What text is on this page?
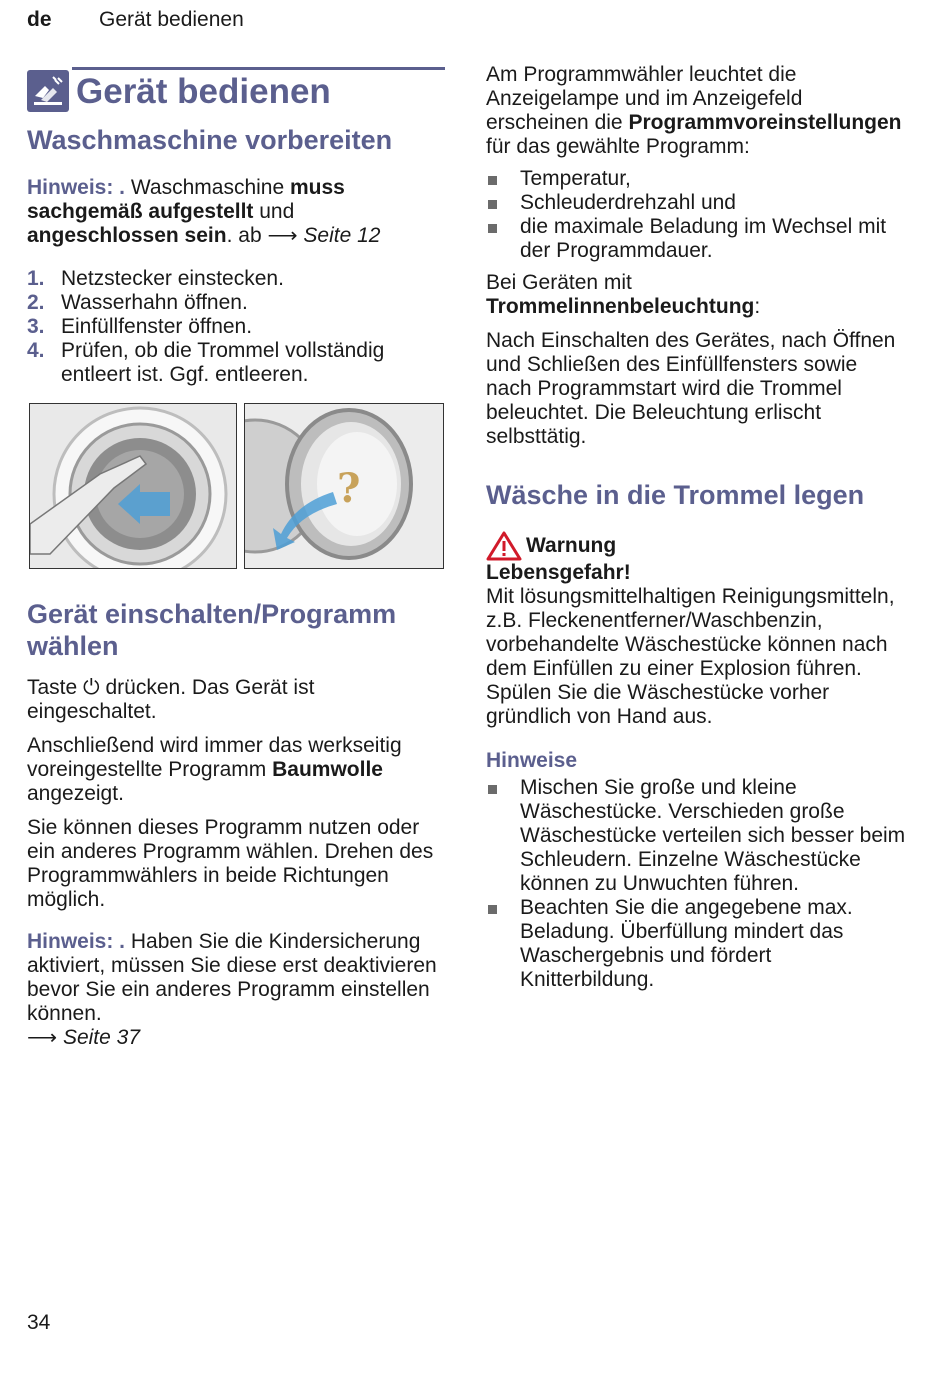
de Gerät bedienen
Gerät bedienen
Waschmaschine vorbereiten

Hinweis: . Waschmaschine muss sachgemäß aufgestellt und angeschlossen sein. ab ⟶ Seite 12

1. Netzstecker einstecken.
2. Wasserhahn öffnen.
3. Einfüllfenster öffnen.
4. Prüfen, ob die Trommel vollständig entleert ist. Ggf. entleeren.
?
Gerät einschalten/Programm wählen

Taste ⏻ drücken. Das Gerät ist eingeschaltet.

Anschließend wird immer das werkseitig voreingestellte Programm Baumwolle angezeigt.

Sie können dieses Programm nutzen oder ein anderes Programm wählen. Drehen des Programmwählers in beide Richtungen möglich.

Hinweis: . Haben Sie die Kindersicherung aktiviert, müssen Sie diese erst deaktivieren bevor Sie ein anderes Programm einstellen können.
⟶ Seite 37

Am Programmwähler leuchtet die Anzeigelampe und im Anzeigefeld erscheinen die Programmvoreinstellungen für das gewählte Programm:

Temperatur,
Schleuderdrehzahl und
die maximale Beladung im Wechsel mit der Programmdauer.

Bei Geräten mit
Trommelinnenbeleuchtung:

Nach Einschalten des Gerätes, nach Öffnen und Schließen des Einfüllfensters sowie nach Programmstart wird die Trommel beleuchtet. Die Beleuchtung erlischt selbsttätig.

Wäsche in die Trommel legen
Warnung

Lebensgefahr!

Mit lösungsmittelhaltigen Reinigungsmitteln, z.B. Fleckenentferner/Waschbenzin, vorbehandelte Wäschestücke können nach dem Einfüllen zu einer Explosion führen.

Spülen Sie die Wäschestücke vorher gründlich von Hand aus.

Hinweise
Mischen Sie große und kleine Wäschestücke. Verschieden große Wäschestücke verteilen sich besser beim Schleudern. Einzelne Wäschestücke können zu Unwuchten führen.
Beachten Sie die angegebene max. Beladung. Überfüllung mindert das Waschergebnis und fördert Knitterbildung.
34
